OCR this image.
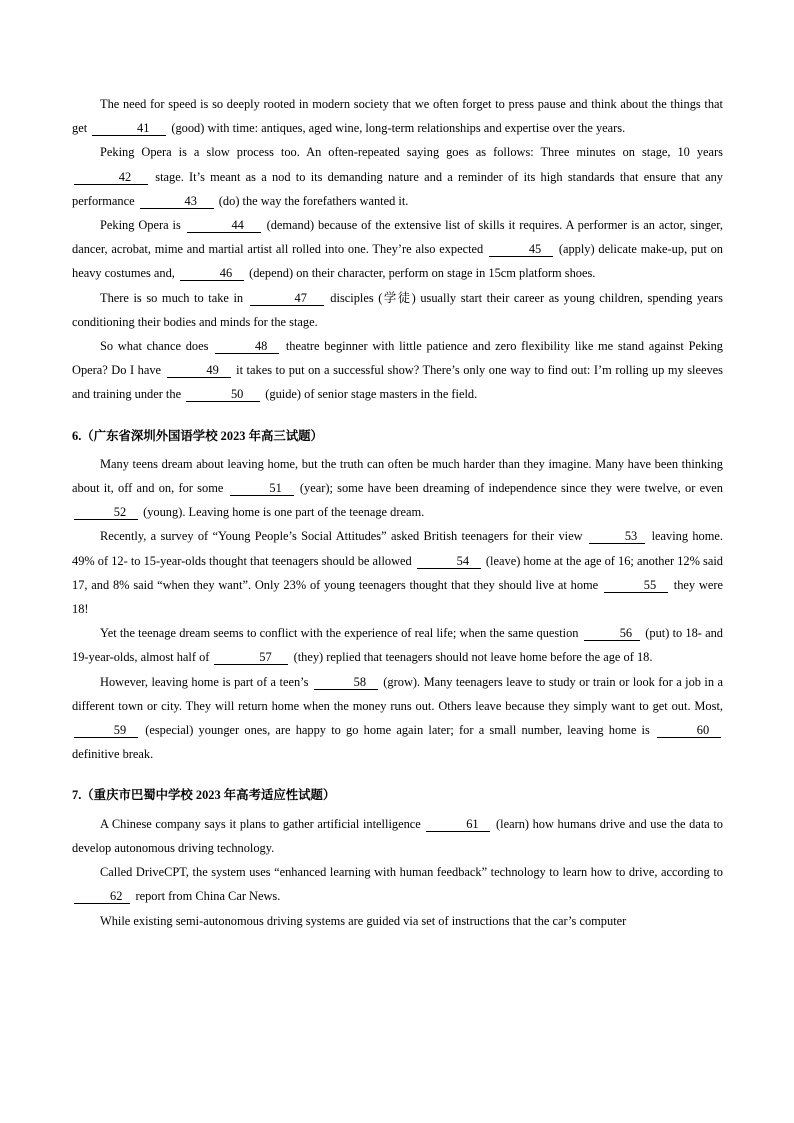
The need for speed is so deeply rooted in modern society that we often forget to press pause and think about the things that get	41 (good) with time: antiques, aged wine, long-term relationships and expertise over the years.

Peking Opera is a slow process too. An often-repeated saying goes as follows: Three minutes on stage, 10 years 42 stage. It’s meant as a nod to its demanding nature and a reminder of its high standards that ensure that any performance	43 (do) the way the forefathers wanted it.

Peking Opera is	44 (demand) because of the extensive list of skills it requires. A performer is an actor, singer, dancer, acrobat, mime and martial artist all rolled into one. They’re also expected	45 (apply) delicate make-up, put on heavy costumes and,	46 (depend) on their character, perform on stage in 15cm platform shoes.

There is so much to take in	47 disciples (学徒) usually start their career as young children, spending years conditioning their bodies and minds for the stage.

So what chance does	48 theatre beginner with little patience and zero flexibility like me stand against Peking Opera? Do I have	49 it takes to put on a successful show? There’s only one way to find out: I’m rolling up my sleeves and training under the	50 (guide) of senior stage masters in the field.

6.（广东省深圳外国语学校 2023 年高三试题）

Many teens dream about leaving home, but the truth can often be much harder than they imagine. Many have been thinking about it, off and on, for some	51 (year); some have been dreaming of independence since they were twelve, or even 52 (young). Leaving home is one part of the teenage dream.

Recently, a survey of “Young People’s Social Attitudes” asked British teenagers for their view	53 leaving home. 49% of 12- to 15-year-olds thought that teenagers should be allowed	54 (leave) home at the age of 16; another 12% said 17, and 8% said “when they want”. Only 23% of young teenagers thought that they should live at home	55 they were 18!

Yet the teenage dream seems to conflict with the experience of real life; when the same question	56 (put) to 18- and 19-year-olds, almost half of	57 (they) replied that teenagers should not leave home before the age of 18.

However, leaving home is part of a teen’s	58 (grow). Many teenagers leave to study or train or look for a job in a different town or city. They will return home when the money runs out. Others leave because they simply want to get out. Most, 59 (especial) younger ones, are happy to go home again later; for a small number, leaving home is	60 definitive break.

7.（重庆市巴蜀中学校 2023 年高考适应性试题）

A Chinese company says it plans to gather artificial intelligence	61 (learn) how humans drive and use the data to develop autonomous driving technology.

Called DriveCPT, the system uses “enhanced learning with human feedback” technology to learn how to drive, according to 62 report from China Car News.

While existing semi-autonomous driving systems are guided via set of instructions that the car’s computer
